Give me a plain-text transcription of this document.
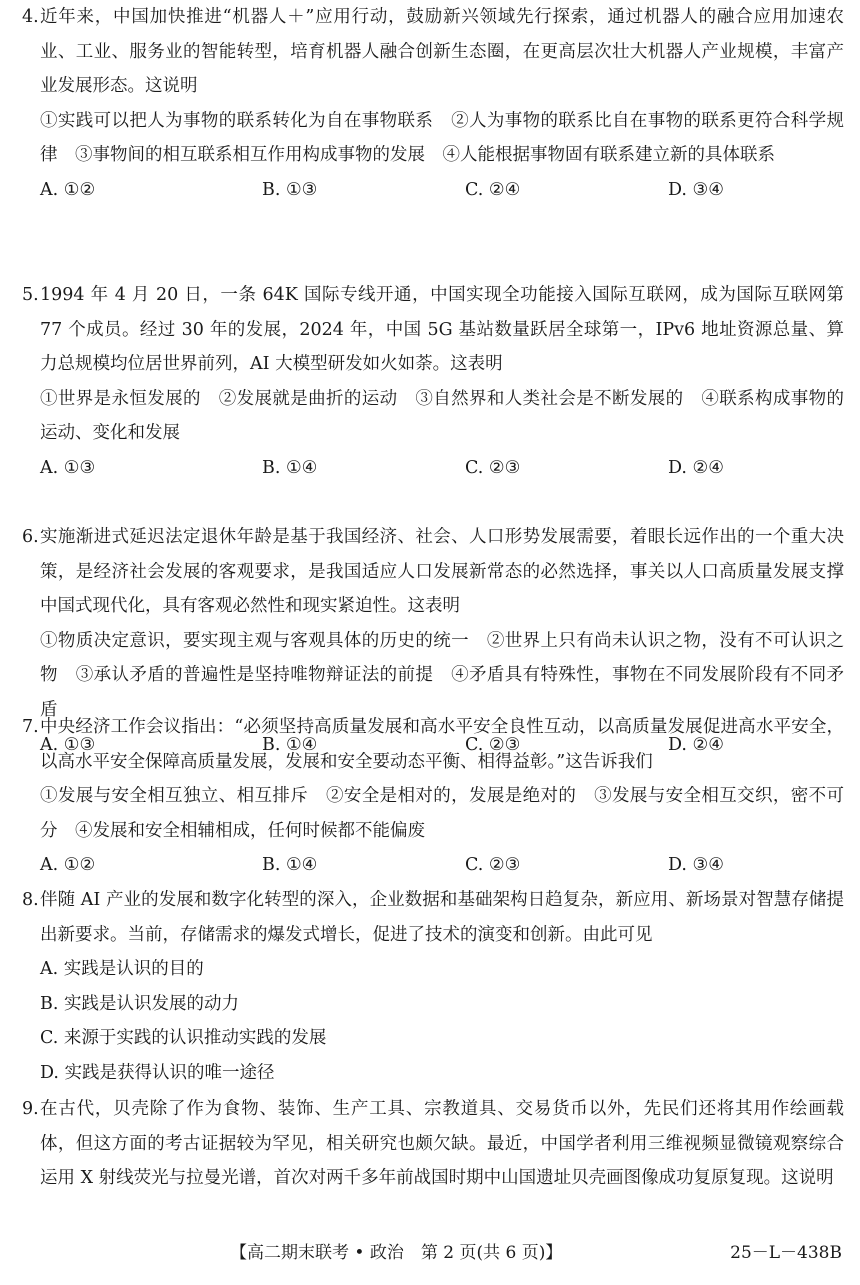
4. 近年来，中国加快推进“机器人＋”应用行动，鼓励新兴领域先行探索，通过机器人的融合应用加速农业、工业、服务业的智能转型，培育机器人融合创新生态圈，在更高层次壮大机器人产业规模，丰富产业发展形态。这说明

①实践可以把人为事物的联系转化为自在事物联系　②人为事物的联系比自在事物的联系更符合科学规律　③事物间的相互联系相互作用构成事物的发展　④人能根据事物固有联系建立新的具体联系

A. ①②	B. ①③	C. ②④	D. ③④
5. 1994 年 4 月 20 日，一条 64K 国际专线开通，中国实现全功能接入国际互联网，成为国际互联网第 77 个成员。经过 30 年的发展，2024 年，中国 5G 基站数量跃居全球第一，IPv6 地址资源总量、算力总规模均位居世界前列，AI 大模型研发如火如荼。这表明

①世界是永恒发展的　②发展就是曲折的运动　③自然界和人类社会是不断发展的　④联系构成事物的运动、变化和发展

A. ①③	B. ①④	C. ②③	D. ②④
6. 实施渐进式延迟法定退休年龄是基于我国经济、社会、人口形势发展需要，着眼长远作出的一个重大决策，是经济社会发展的客观要求，是我国适应人口发展新常态的必然选择，事关以人口高质量发展支撑中国式现代化，具有客观必然性和现实紧迫性。这表明

①物质决定意识，要实现主观与客观具体的历史的统一　②世界上只有尚未认识之物，没有不可认识之物　③承认矛盾的普遍性是坚持唯物辩证法的前提　④矛盾具有特殊性，事物在不同发展阶段有不同矛盾

A. ①③	B. ①④	C. ②③	D. ②④
7. 中央经济工作会议指出：“必须坚持高质量发展和高水平安全良性互动，以高质量发展促进高水平安全，以高水平安全保障高质量发展，发展和安全要动态平衡、相得益彰。”这告诉我们

①发展与安全相互独立、相互排斥　②安全是相对的，发展是绝对的　③发展与安全相互交织，密不可分　④发展和安全相辅相成，任何时候都不能偏废

A. ①②	B. ①④	C. ②③	D. ③④
8. 伴随 AI 产业的发展和数字化转型的深入，企业数据和基础架构日趋复杂，新应用、新场景对智慧存储提出新要求。当前，存储需求的爆发式增长，促进了技术的演变和创新。由此可见

A. 实践是认识的目的
B. 实践是认识发展的动力
C. 来源于实践的认识推动实践的发展
D. 实践是获得认识的唯一途径
9. 在古代，贝壳除了作为食物、装饰、生产工具、宗教道具、交易货币以外，先民们还将其用作绘画载体，但这方面的考古证据较为罕见，相关研究也颇欠缺。最近，中国学者利用三维视频显微镜观察综合运用 X 射线荧光与拉曼光谱，首次对两千多年前战国时期中山国遗址贝壳画图像成功复原复现。这说明

【高二期末联考 • 政治　第 2 页(共 6 页)】	25－L－438B
